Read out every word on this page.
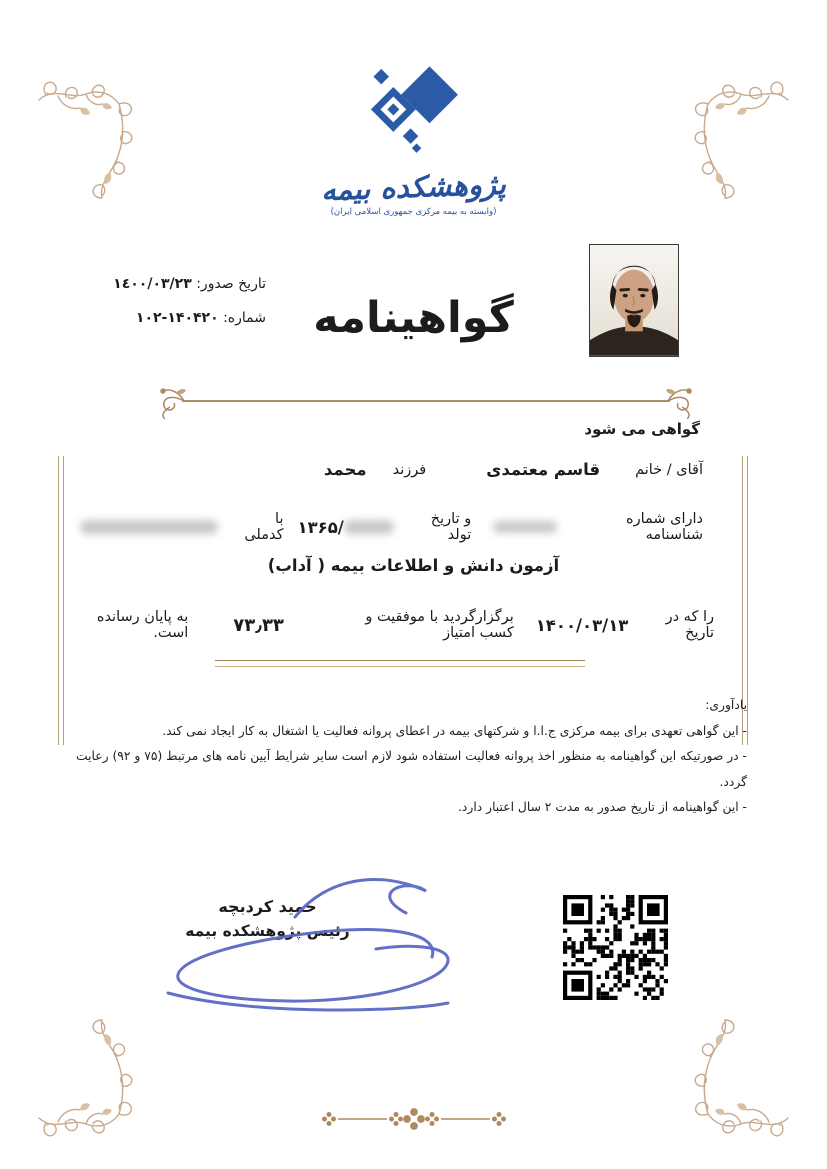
پژوهشکده بیمه
(وابسته به بیمه مرکزی جمهوری اسلامی ایران)
تاریخ صدور: ١٤٠٠/٠٣/٢٣
شماره: ۱۰۲-۱۴۰۴۲۰	گواهینامه
گواهی می شود
آقای / خانم
قاسم معتمدی
فرزند
محمد
دارای شماره شناسنامه
و تاریخ تولد
۱۳۶۵/
با کدملی
آزمون دانش و اطلاعات بیمه ( آداب)
را که در تاریخ
۱۴۰۰/۰۳/۱۳
برگزارگردید با موفقیت و کسب امتیاز
۷۳٫۳۳
به پایان رسانده است.
یادآوری:
- این گواهی تعهدی برای بیمه مرکزی ج.ا.ا و شرکتهای بیمه در اعطای پروانه فعالیت یا اشتغال به کار ایجاد نمی کند.
- در صورتیکه این گواهینامه به منظور اخذ پروانه فعالیت استفاده شود لازم است سایر شرایط آیین نامه های مرتبط (۷۵ و ۹۲) رعایت گردد.
- این گواهینامه از تاریخ صدور به مدت ۲ سال اعتبار دارد.
حمید کردبچه
رئیس پژوهشکده بیمه
